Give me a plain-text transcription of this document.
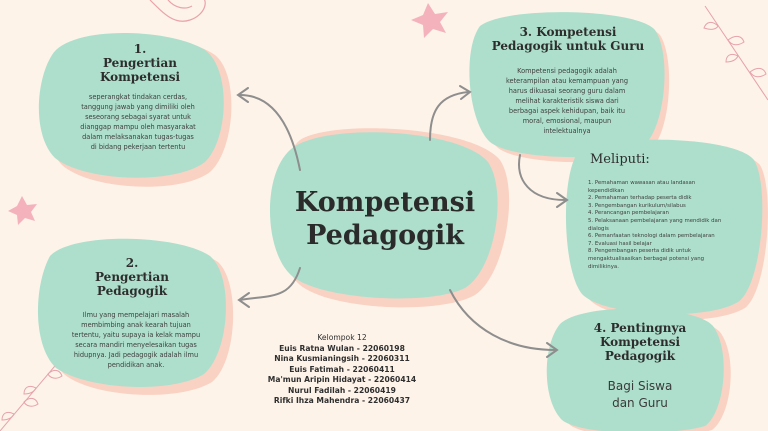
1.
Pengertian
Kompetensi
seperangkat tindakan cerdas,
tanggung jawab yang dimiliki oleh
seseorang sebagai syarat untuk
dianggap mampu oleh masyarakat
dalam melaksanakan tugas-tugas
di bidang pekerjaan tertentu
2.
Pengertian
Pedagogik
Ilmu yang mempelajari masalah
membimbing anak kearah tujuan
tertentu, yaitu supaya ia kelak mampu
secara mandiri menyelesaikan tugas
hidupnya. Jadi pedagogik adalah ilmu
pendidikan anak.
Kompetensi
Pedagogik
3. Kompetensi
Pedagogik untuk Guru
Kompetensi pedagogik adalah
keterampilan atau kemampuan yang
harus dikuasai seorang guru dalam
melihat karakteristik siswa dari
berbagai aspek kehidupan, baik itu
moral, emosional, maupun
intelektualnya
Meliputi:
1. Pemahaman wawasan atau landasan
kependidikan
2. Pemahaman terhadap peserta didik
3. Pengembangan kurikulum/silabus
4. Perancangan pembelajaran
5. Pelaksanaan pembelajaran yang mendidik dan
dialogis
6. Pemanfaatan teknologi dalam pembelajaran
7. Evaluasi hasil belajar
8. Pengembangan peserta didik untuk
mengaktualisasikan berbagai potensi yang
dimilikinya.
4. Pentingnya
Kompetensi
Pedagogik
Bagi Siswa
dan Guru
Kelompok 12
Euis Ratna Wulan - 22060198
Nina Kusmianingsih - 22060311
Euis Fatimah - 22060411
Ma'mun Aripin Hidayat - 22060414
Nurul Fadilah - 22060419
Rifki Ihza Mahendra - 22060437
